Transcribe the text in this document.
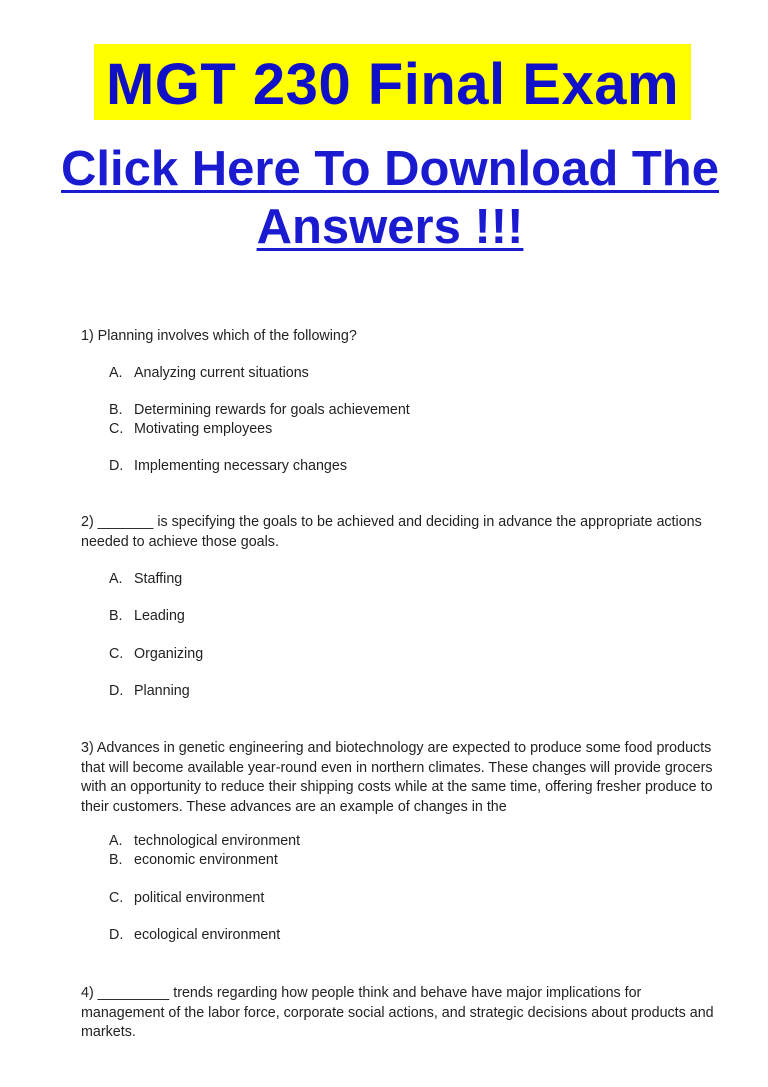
MGT 230 Final Exam
Click Here To Download The
Answers !!!
1) Planning involves which of the following?
A. Analyzing current situations
B. Determining rewards for goals achievement
C. Motivating employees
D. Implementing necessary changes
2) _______ is specifying the goals to be achieved and deciding in advance the appropriate actions needed to achieve those goals.
A. Staffing
B. Leading
C. Organizing
D. Planning
3) Advances in genetic engineering and biotechnology are expected to produce some food products that will become available year-round even in northern climates. These changes will provide grocers with an opportunity to reduce their shipping costs while at the same time, offering fresher produce to their customers. These advances are an example of changes in the
A. technological environment
B. economic environment
C. political environment
D. ecological environment
4) _________ trends regarding how people think and behave have major implications for management of the labor force, corporate social actions, and strategic decisions about products and markets.
